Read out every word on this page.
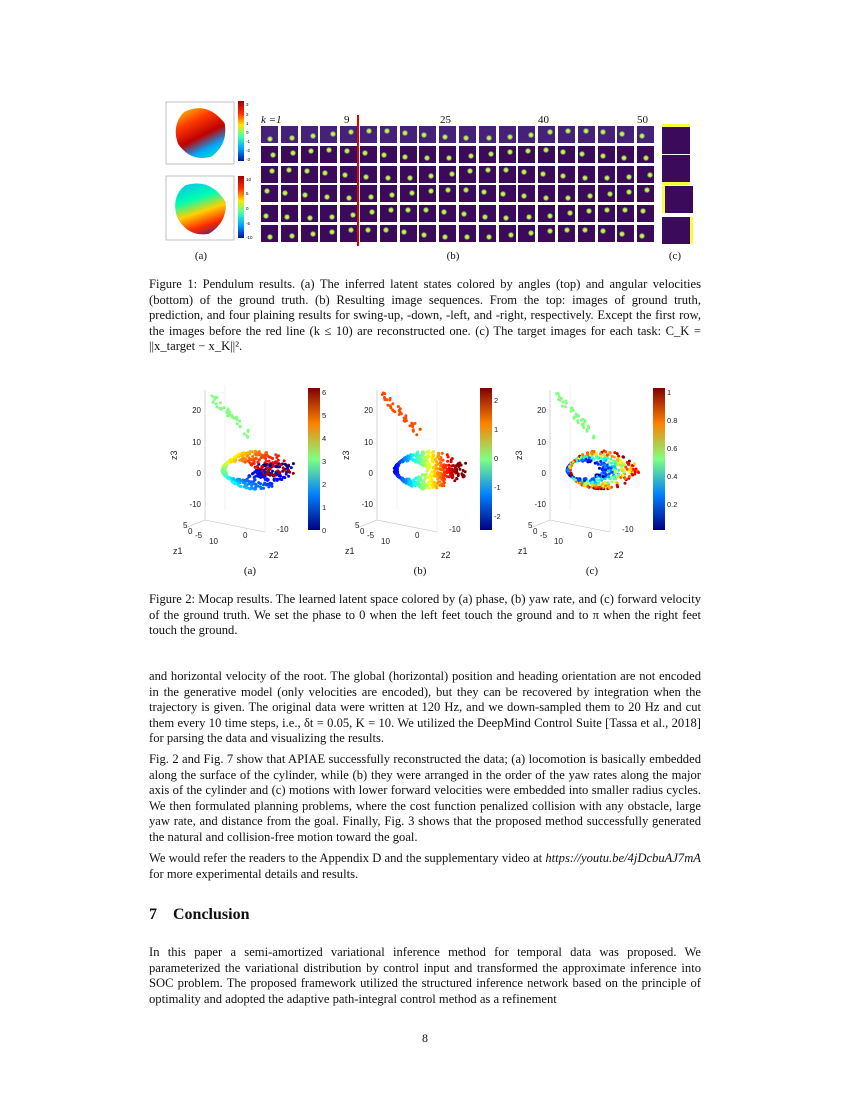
3
2
1
0
-1
-2
-3
10
5
0
-5
-10
k =1	9	25	40	50
(a)	(b)	(c)
Figure 1: Pendulum results. (a) The inferred latent states colored by angles (top) and angular velocities (bottom) of the ground truth. (b) Resulting image sequences. From the top: images of ground truth, prediction, and four plaining results for swing-up, -down, -left, and -right, respectively. Except the first row, the images before the red line (k ≤ 10) are reconstructed one. (c) The target images for each task: C_K = ||x_target − x_K||².
20
10
0
-10
z3
5
0 -5
10
0
-10
z1	z2
6
5
4
3
2
1
0
20
10
0
-10
z3
5
0 -5
10
0
-10
z1	z2
2
1
0
-1
-2
20
10
0
-10
z3
5
0 -5
10
0
-10
z1	z2
1
0.8
0.6
0.4
0.2
(a)	(b)	(c)
Figure 2: Mocap results. The learned latent space colored by (a) phase, (b) yaw rate, and (c) forward velocity of the ground truth. We set the phase to 0 when the left feet touch the ground and to π when the right feet touch the ground.
and horizontal velocity of the root. The global (horizontal) position and heading orientation are not encoded in the generative model (only velocities are encoded), but they can be recovered by integration when the trajectory is given. The original data were written at 120 Hz, and we down-sampled them to 20 Hz and cut them every 10 time steps, i.e., δt = 0.05, K = 10. We utilized the DeepMind Control Suite [Tassa et al., 2018] for parsing the data and visualizing the results.
Fig. 2 and Fig. 7 show that APIAE successfully reconstructed the data; (a) locomotion is basically embedded along the surface of the cylinder, while (b) they were arranged in the order of the yaw rates along the major axis of the cylinder and (c) motions with lower forward velocities were embedded into smaller radius cycles. We then formulated planning problems, where the cost function penalized collision with any obstacle, large yaw rate, and distance from the goal. Finally, Fig. 3 shows that the proposed method successfully generated the natural and collision-free motion toward the goal.
We would refer the readers to the Appendix D and the supplementary video at https://youtu.be/4jDcbuAJ7mA for more experimental details and results.
7 Conclusion
In this paper a semi-amortized variational inference method for temporal data was proposed. We parameterized the variational distribution by control input and transformed the approximate inference into SOC problem. The proposed framework utilized the structured inference network based on the principle of optimality and adopted the adaptive path-integral control method as a refinement
8
